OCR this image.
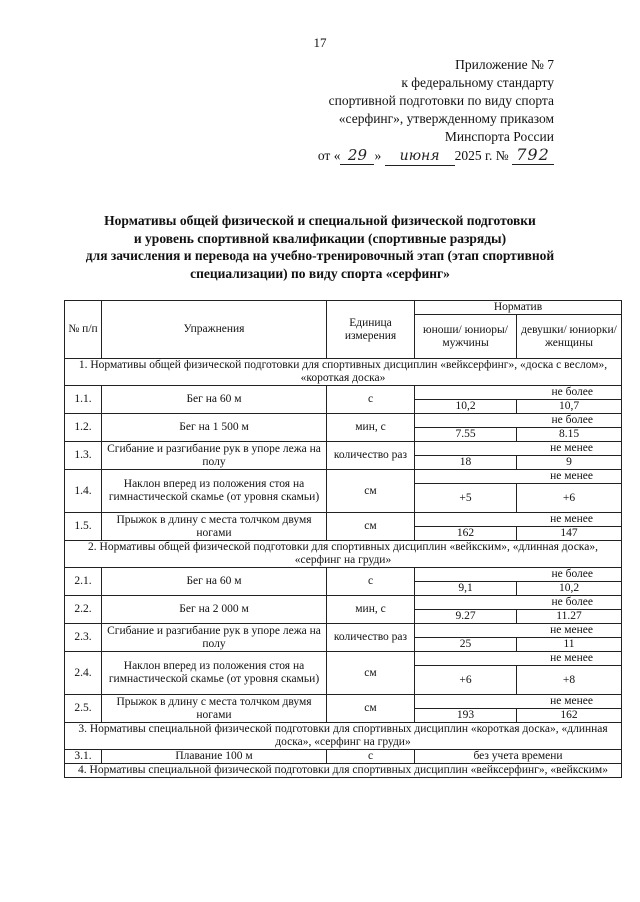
17
Приложение № 7
к федеральному стандарту
спортивной подготовки по виду спорта
«серфинг», утвержденному приказом
Минспорта России
от « 29 » июня 2025 г. № 792
Нормативы общей физической и специальной физической подготовки
и уровень спортивной квалификации (спортивные разряды)
для зачисления и перевода на учебно-тренировочный этап (этап спортивной
специализации) по виду спорта «серфинг»
№ п/п	Упражнения	Единица измерения	Норматив	
			юноши/ юниоры/ мужчины	девушки/ юниорки/ женщины
1. Нормативы общей физической подготовки для спортивных дисциплин «вейксерфинг», «доска с веслом», «короткая доска»				
1.1.	Бег на 60 м	с	не более	
			10,2	10,7
1.2.	Бег на 1 500 м	мин, с	не более	
			7.55	8.15
1.3.	Сгибание и разгибание рук в упоре лежа на полу	количество раз	не менее	
			18	9
1.4.	Наклон вперед из положения стоя на гимнастической скамье (от уровня скамьи)	см	не менее	
			+5	+6
1.5.	Прыжок в длину с места толчком двумя ногами	см	не менее	
			162	147
2. Нормативы общей физической подготовки для спортивных дисциплин «вейкским», «длинная доска», «серфинг на груди»				
2.1.	Бег на 60 м	с	не более	
			9,1	10,2
2.2.	Бег на 2 000 м	мин, с	не более	
			9.27	11.27
2.3.	Сгибание и разгибание рук в упоре лежа на полу	количество раз	не менее	
			25	11
2.4.	Наклон вперед из положения стоя на гимнастической скамье (от уровня скамьи)	см	не менее	
			+6	+8
2.5.	Прыжок в длину с места толчком двумя ногами	см	не менее	
			193	162
3. Нормативы специальной физической подготовки для спортивных дисциплин «короткая доска», «длинная доска», «серфинг на груди»				
3.1.	Плавание 100 м	с	без учета времени	
4. Нормативы специальной физической подготовки для спортивных дисциплин «вейксерфинг», «вейкским»				
